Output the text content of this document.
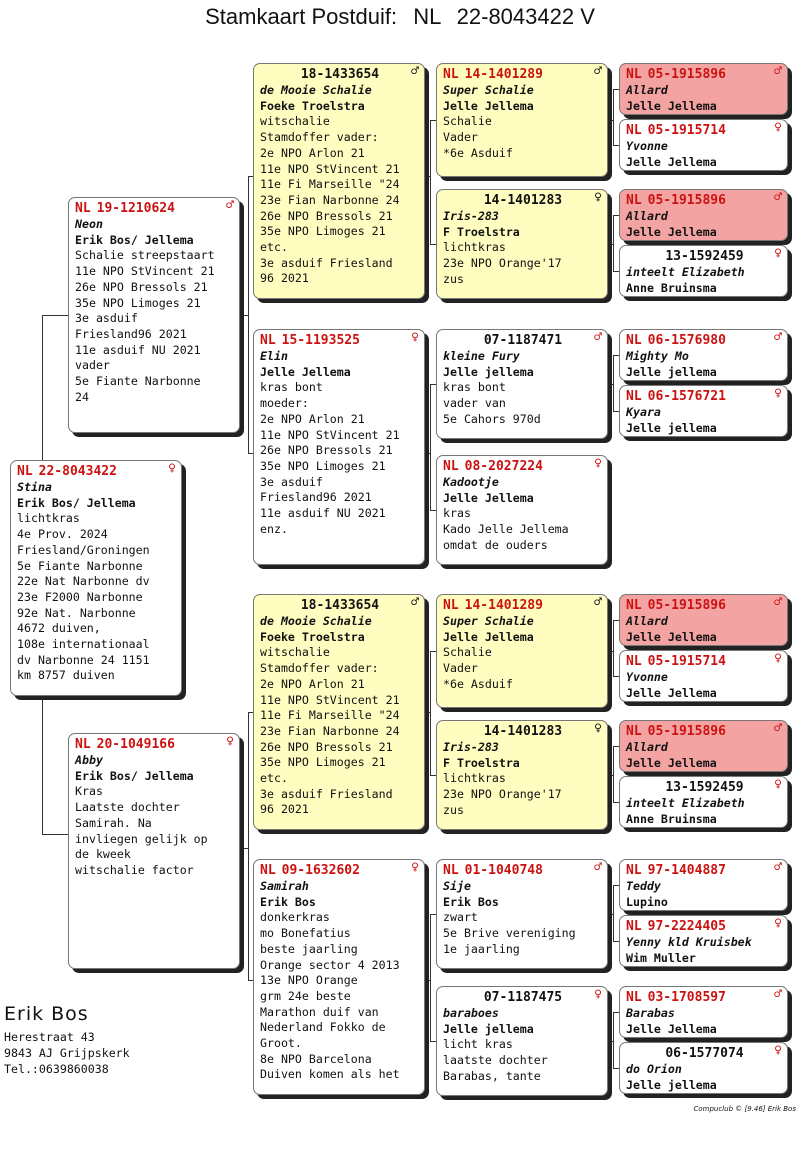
Stamkaart Postduif: NL 22-8043422 V
NL 22-8043422	♀
Stina
Erik Bos/ Jellema
lichtkras
4e Prov. 2024
Friesland/Groningen
5e Fiante Narbonne
22e Nat Narbonne dv
23e F2000 Narbonne
92e Nat. Narbonne
4672 duiven,
108e internationaal
dv Narbonne 24 1151
km 8757 duiven
NL 19-1210624	♂
Neon
Erik Bos/ Jellema
Schalie streepstaart
11e NPO StVincent 21
26e NPO Bressols 21
35e NPO Limoges 21
3e asduif
Friesland96 2021
11e asduif NU 2021
vader
5e Fiante Narbonne
24
NL 20-1049166	♀
Abby
Erik Bos/ Jellema
Kras
Laatste dochter
Samirah. Na
invliegen gelijk op
de kweek
witschalie factor
18-1433654 ♂
de Mooie Schalie
Foeke Troelstra
witschalie
Stamdoffer vader:
2e NPO Arlon 21
11e NPO StVincent 21
11e Fi Marseille "24
23e Fian Narbonne 24
26e NPO Bressols 21
35e NPO Limoges 21
etc.
3e asduif Friesland
96 2021
NL 15-1193525	♀
Elin
Jelle Jellema
kras bont
moeder:
2e NPO Arlon 21
11e NPO StVincent 21
26e NPO Bressols 21
35e NPO Limoges 21
3e asduif
Friesland96 2021
11e asduif NU 2021
enz.
18-1433654 ♂
de Mooie Schalie
Foeke Troelstra
witschalie
Stamdoffer vader:
2e NPO Arlon 21
11e NPO StVincent 21
11e Fi Marseille "24
23e Fian Narbonne 24
26e NPO Bressols 21
35e NPO Limoges 21
etc.
3e asduif Friesland
96 2021
NL 09-1632602	♀
Samirah
Erik Bos
donkerkras
mo Bonefatius
beste jaarling
Orange sector 4 2013
13e NPO Orange
grm 24e beste
Marathon duif van
Nederland Fokko de
Groot.
8e NPO Barcelona
Duiven komen als het
NL 14-1401289	♂
Super Schalie
Jelle Jellema
Schalie
Vader
*6e Asduif
14-1401283 ♀
Iris-283
F Troelstra
lichtkras
23e NPO Orange'17
zus
07-1187471 ♂
kleine Fury
Jelle jellema
kras bont
vader van
5e Cahors 970d
NL 08-2027224	♀
Kadootje
Jelle Jellema
kras
Kado Jelle Jellema
omdat de ouders
NL 14-1401289	♂
Super Schalie
Jelle Jellema
Schalie
Vader
*6e Asduif
14-1401283 ♀
Iris-283
F Troelstra
lichtkras
23e NPO Orange'17
zus
NL 01-1040748	♂
Sije
Erik Bos
zwart
5e Brive vereniging
1e jaarling
07-1187475 ♀
baraboes
Jelle jellema
licht kras
laatste dochter
Barabas, tante
NL 05-1915896	♂
Allard
Jelle Jellema
NL 05-1915714	♀
Yvonne
Jelle Jellema
NL 05-1915896	♂
Allard
Jelle Jellema
13-1592459 ♀
inteelt Elizabeth
Anne Bruinsma
NL 06-1576980	♂
Mighty Mo
Jelle jellema
NL 06-1576721	♀
Kyara
Jelle jellema
NL 05-1915896	♂
Allard
Jelle Jellema
NL 05-1915714	♀
Yvonne
Jelle Jellema
NL 05-1915896	♂
Allard
Jelle Jellema
13-1592459 ♀
inteelt Elizabeth
Anne Bruinsma
NL 97-1404887	♂
Teddy
Lupino
NL 97-2224405	♀
Yenny kld Kruisbek
Wim Muller
NL 03-1708597	♂
Barabas
Jelle Jellema
06-1577074 ♀
do Orion
Jelle jellema
Erik Bos
Herestraat 43
9843 AJ Grijpskerk
Tel.:0639860038
Compuclub © [9.46] Erik Bos
